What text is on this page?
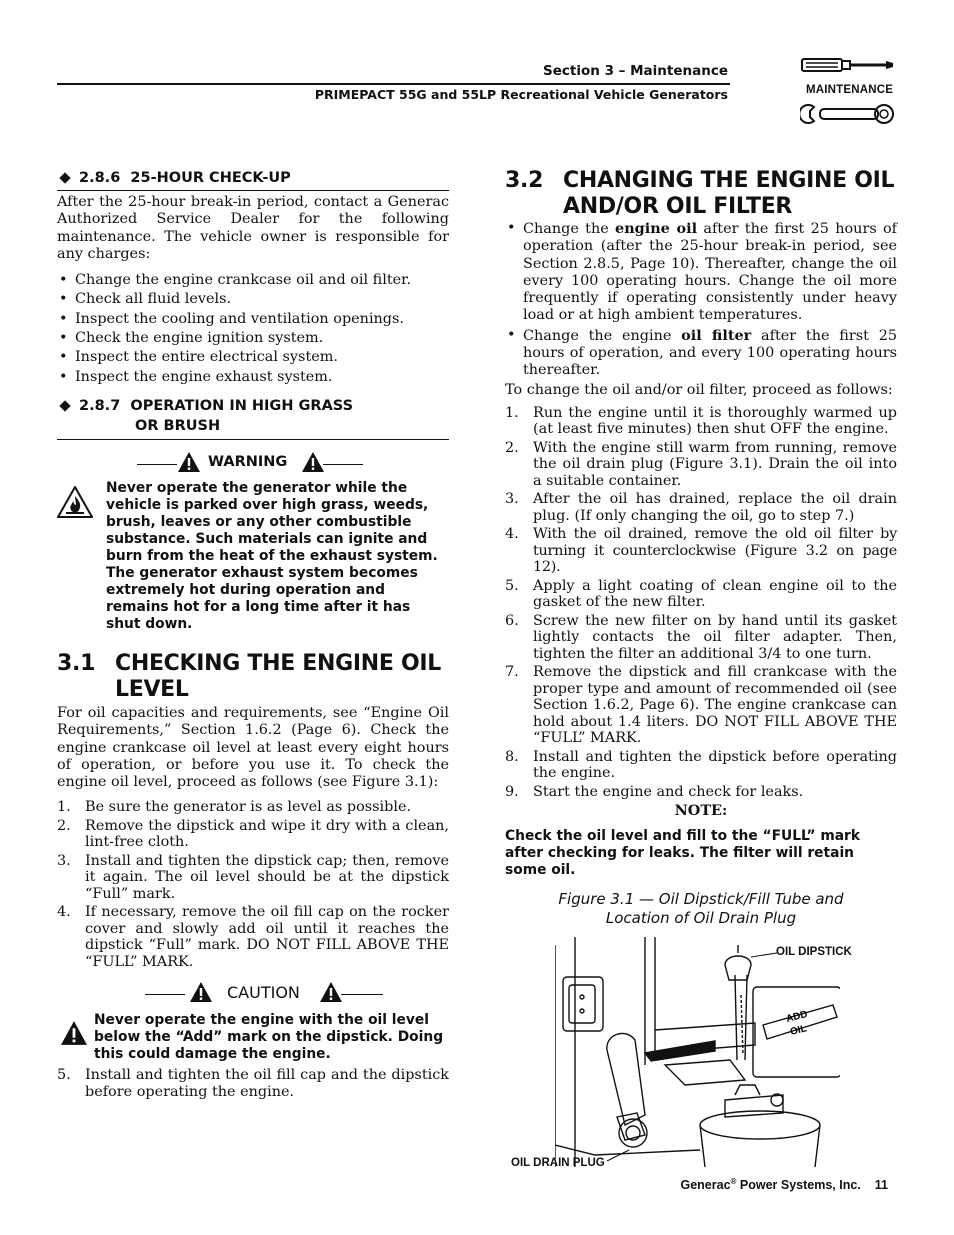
Section 3 – Maintenance
PRIMEPACT 55G and 55LP Recreational Vehicle Generators	MAINTENANCE
2.8.6 25-HOUR CHECK-UP

After the 25-hour break-in period, contact a Generac Authorized Service Dealer for the following maintenance. The vehicle owner is responsible for any charges:

• Change the engine crankcase oil and oil filter.
• Check all fluid levels.
• Inspect the cooling and ventilation openings.
• Check the engine ignition system.
• Inspect the entire electrical system.
• Inspect the engine exhaust system.
2.8.7 OPERATION IN HIGH GRASS
OR BRUSH
WARNING
Never operate the generator while the vehicle is parked over high grass, weeds, brush, leaves or any other combustible substance. Such materials can ignite and burn from the heat of the exhaust system. The generator exhaust system becomes extremely hot during operation and remains hot for a long time after it has shut down.
3.1 CHECKING THE ENGINE OIL
LEVEL

For oil capacities and requirements, see “Engine Oil Requirements,” Section 1.6.2 (Page 6). Check the engine crankcase oil level at least every eight hours of operation, or before you use it. To check the engine oil level, proceed as follows (see Figure 3.1):

1. Be sure the generator is as level as possible.
2. Remove the dipstick and wipe it dry with a clean, lint-free cloth.
3. Install and tighten the dipstick cap; then, remove it again. The oil level should be at the dipstick “Full” mark.
4. If necessary, remove the oil fill cap on the rocker cover and slowly add oil until it reaches the dipstick “Full” mark. DO NOT FILL ABOVE THE “FULL” MARK.
CAUTION
Never operate the engine with the oil level below the “Add” mark on the dipstick. Doing this could damage the engine.
5. Install and tighten the oil fill cap and the dipstick before operating the engine.
3.2 CHANGING THE ENGINE OIL
AND/OR OIL FILTER
• Change the engine oil after the first 25 hours of operation (after the 25-hour break-in period, see Section 2.8.5, Page 10). Thereafter, change the oil every 100 operating hours. Change the oil more frequently if operating consistently under heavy load or at high ambient temperatures.
• Change the engine oil filter after the first 25 hours of operation, and every 100 operating hours thereafter.

To change the oil and/or oil filter, proceed as follows:

1. Run the engine until it is thoroughly warmed up (at least five minutes) then shut OFF the engine.
2. With the engine still warm from running, remove the oil drain plug (Figure 3.1). Drain the oil into a suitable container.
3. After the oil has drained, replace the oil drain plug. (If only changing the oil, go to step 7.)
4. With the oil drained, remove the old oil filter by turning it counterclockwise (Figure 3.2 on page 12).
5. Apply a light coating of clean engine oil to the gasket of the new filter.
6. Screw the new filter on by hand until its gasket lightly contacts the oil filter adapter. Then, tighten the filter an additional 3/4 to one turn.
7. Remove the dipstick and fill crankcase with the proper type and amount of recommended oil (see Section 1.6.2, Page 6). The engine crankcase can hold about 1.4 liters. DO NOT FILL ABOVE THE “FULL” MARK.
8. Install and tighten the dipstick before operating the engine.
9. Start the engine and check for leaks.
NOTE:
Check the oil level and fill to the “FULL” mark after checking for leaks. The filter will retain some oil.
Figure 3.1 — Oil Dipstick/Fill Tube and
Location of Oil Drain Plug
ADD
OIL
OIL DIPSTICK
OIL DRAIN PLUG
Generac® Power Systems, Inc. 11
